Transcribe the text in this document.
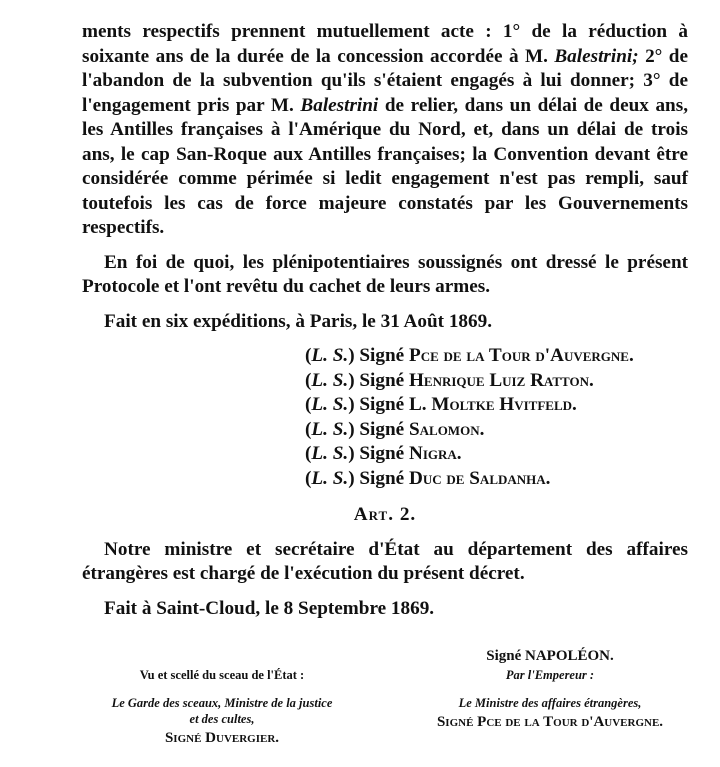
ments respectifs prennent mutuellement acte : 1° de la réduction à soixante ans de la durée de la concession accordée à M. Balestrini; 2° de l'abandon de la subvention qu'ils s'étaient engagés à lui donner; 3° de l'engagement pris par M. Balestrini de relier, dans un délai de deux ans, les Antilles françaises à l'Amérique du Nord, et, dans un délai de trois ans, le cap San-Roque aux Antilles françaises; la Convention devant être considérée comme périmée si ledit engagement n'est pas rempli, sauf toutefois les cas de force majeure constatés par les Gouvernements respectifs.

En foi de quoi, les plénipotentiaires soussignés ont dressé le présent Protocole et l'ont revêtu du cachet de leurs armes.

Fait en six expéditions, à Paris, le 31 Août 1869.

(L. S.) Signé Pce de la Tour d'Auvergne.
(L. S.) Signé Henrique Luiz Ratton.
(L. S.) Signé L. Moltke Hvitfeld.
(L. S.) Signé Salomon.
(L. S.) Signé Nigra.
(L. S.) Signé Duc de Saldanha.
Art. 2.

Notre ministre et secrétaire d'État au département des affaires étrangères est chargé de l'exécution du présent décret.

Fait à Saint-Cloud, le 8 Septembre 1869.

Vu et scellé du sceau de l'État :
Le Garde des sceaux, Ministre de la justice
et des cultes,
Signé Duvergier.
Signé NAPOLÉON.
Par l'Empereur :
Le Ministre des affaires étrangères,
Signé Pce de la Tour d'Auvergne.
